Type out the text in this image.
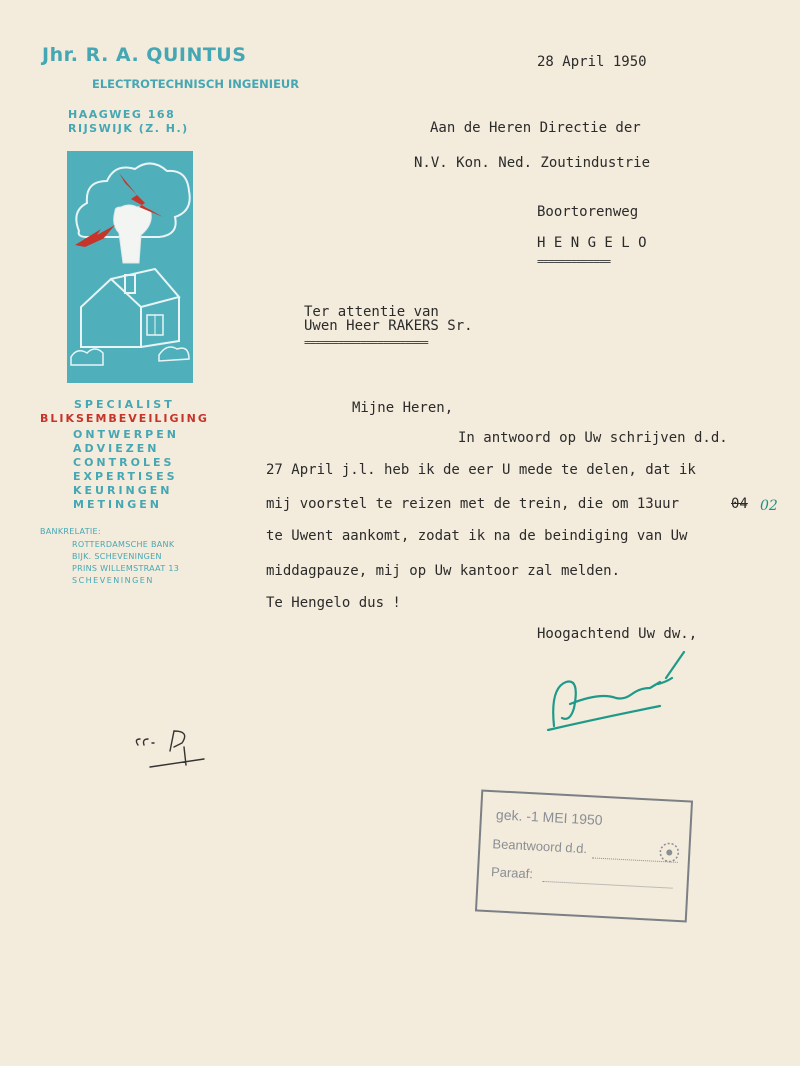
Jhr. R. A. QUINTUS
ELECTROTECHNISCH INGENIEUR
HAAGWEG 168
RIJSWIJK (Z. H.)
SPECIALIST
BLIKSEMBEVEILIGING
ONTWERPEN
ADVIEZEN
CONTROLES
EXPERTISES
KEURINGEN
METINGEN
BANKRELATIE:
ROTTERDAMSCHE BANK
BIJK. SCHEVENINGEN
PRINS WILLEMSTRAAT 13
SCHEVENINGEN
28 April 1950
Aan de Heren Directie der
N.V. Kon. Ned. Zoutindustrie
Boortorenweg
H E N G E L O
=============
Ter attentie van
Uwen Heer RAKERS Sr.
======================
Mijne Heren,
In antwoord op Uw schrijven d.d.
27 April j.l. heb ik de eer U mede te delen, dat ik
mij voorstel te reizen met de trein, die om 13uur	04 02
te Uwent aankomt, zodat ik na de beindiging van Uw
middagpauze, mij op Uw kantoor zal melden.
Te Hengelo dus !
Hoogachtend Uw dw.,
gek. -1 MEI 1950
Beantwoord d.d.
Paraaf:
